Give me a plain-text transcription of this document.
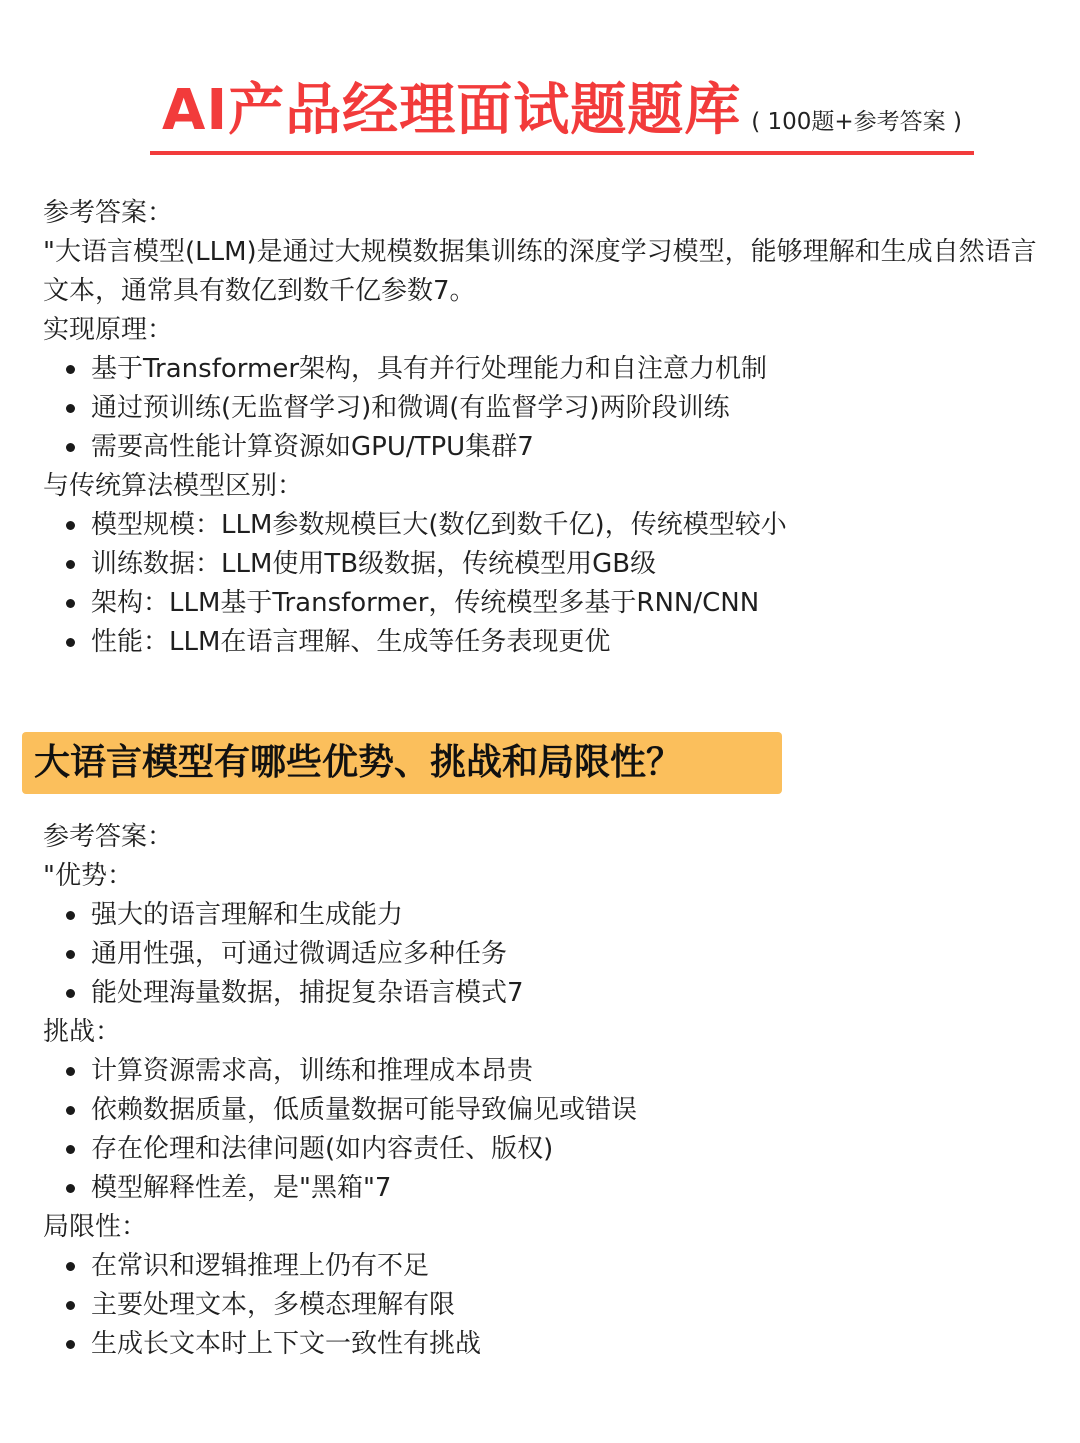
AI产品经理面试题题库 ( 100题+参考答案 )
参考答案：
"大语言模型(LLM)是通过大规模数据集训练的深度学习模型，能够理解和生成自然语言文本，通常具有数亿到数千亿参数7。
实现原理：
基于Transformer架构，具有并行处理能力和自注意力机制
通过预训练(无监督学习)和微调(有监督学习)两阶段训练
需要高性能计算资源如GPU/TPU集群7
与传统算法模型区别：
模型规模：LLM参数规模巨大(数亿到数千亿)，传统模型较小
训练数据：LLM使用TB级数据，传统模型用GB级
架构：LLM基于Transformer，传统模型多基于RNN/CNN
性能：LLM在语言理解、生成等任务表现更优
大语言模型有哪些优势、挑战和局限性？
参考答案：
"优势：
强大的语言理解和生成能力
通用性强，可通过微调适应多种任务
能处理海量数据，捕捉复杂语言模式7
挑战：
计算资源需求高，训练和推理成本昂贵
依赖数据质量，低质量数据可能导致偏见或错误
存在伦理和法律问题(如内容责任、版权)
模型解释性差，是"黑箱"7
局限性：
在常识和逻辑推理上仍有不足
主要处理文本，多模态理解有限
生成长文本时上下文一致性有挑战
